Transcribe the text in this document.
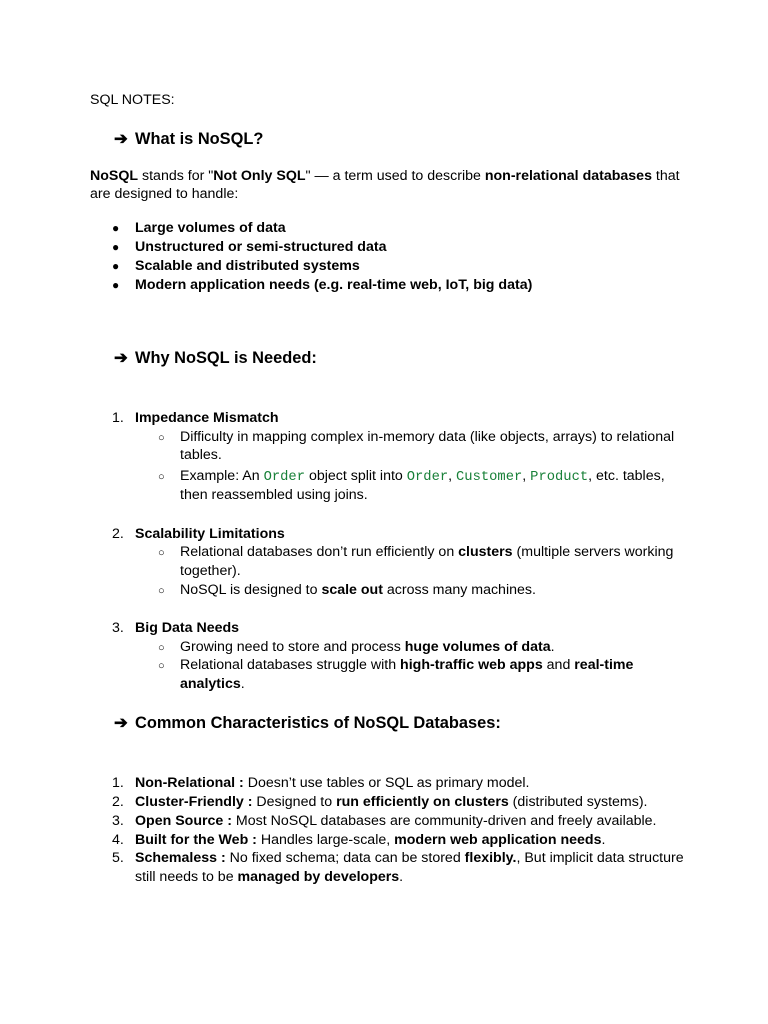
SQL NOTES:
➔ What is NoSQL?
NoSQL stands for "Not Only SQL" — a term used to describe non-relational databases that
are designed to handle:
● Large volumes of data
● Unstructured or semi-structured data
● Scalable and distributed systems
● Modern application needs (e.g. real-time web, IoT, big data)
➔ Why NoSQL is Needed:
1. Impedance Mismatch
○ Difficulty in mapping complex in-memory data (like objects, arrays) to relational
tables.
○ Example: An Order object split into Order, Customer, Product, etc. tables,
then reassembled using joins.
2. Scalability Limitations
○ Relational databases don’t run efficiently on clusters (multiple servers working
together).
○ NoSQL is designed to scale out across many machines.
3. Big Data Needs
○ Growing need to store and process huge volumes of data.
○ Relational databases struggle with high-traffic web apps and real-time
analytics.
➔ Common Characteristics of NoSQL Databases:
1. Non-Relational : Doesn’t use tables or SQL as primary model.
2. Cluster-Friendly : Designed to run efficiently on clusters (distributed systems).
3. Open Source : Most NoSQL databases are community-driven and freely available.
4. Built for the Web : Handles large-scale, modern web application needs.
5. Schemaless : No fixed schema; data can be stored flexibly., But implicit data structure
still needs to be managed by developers.
